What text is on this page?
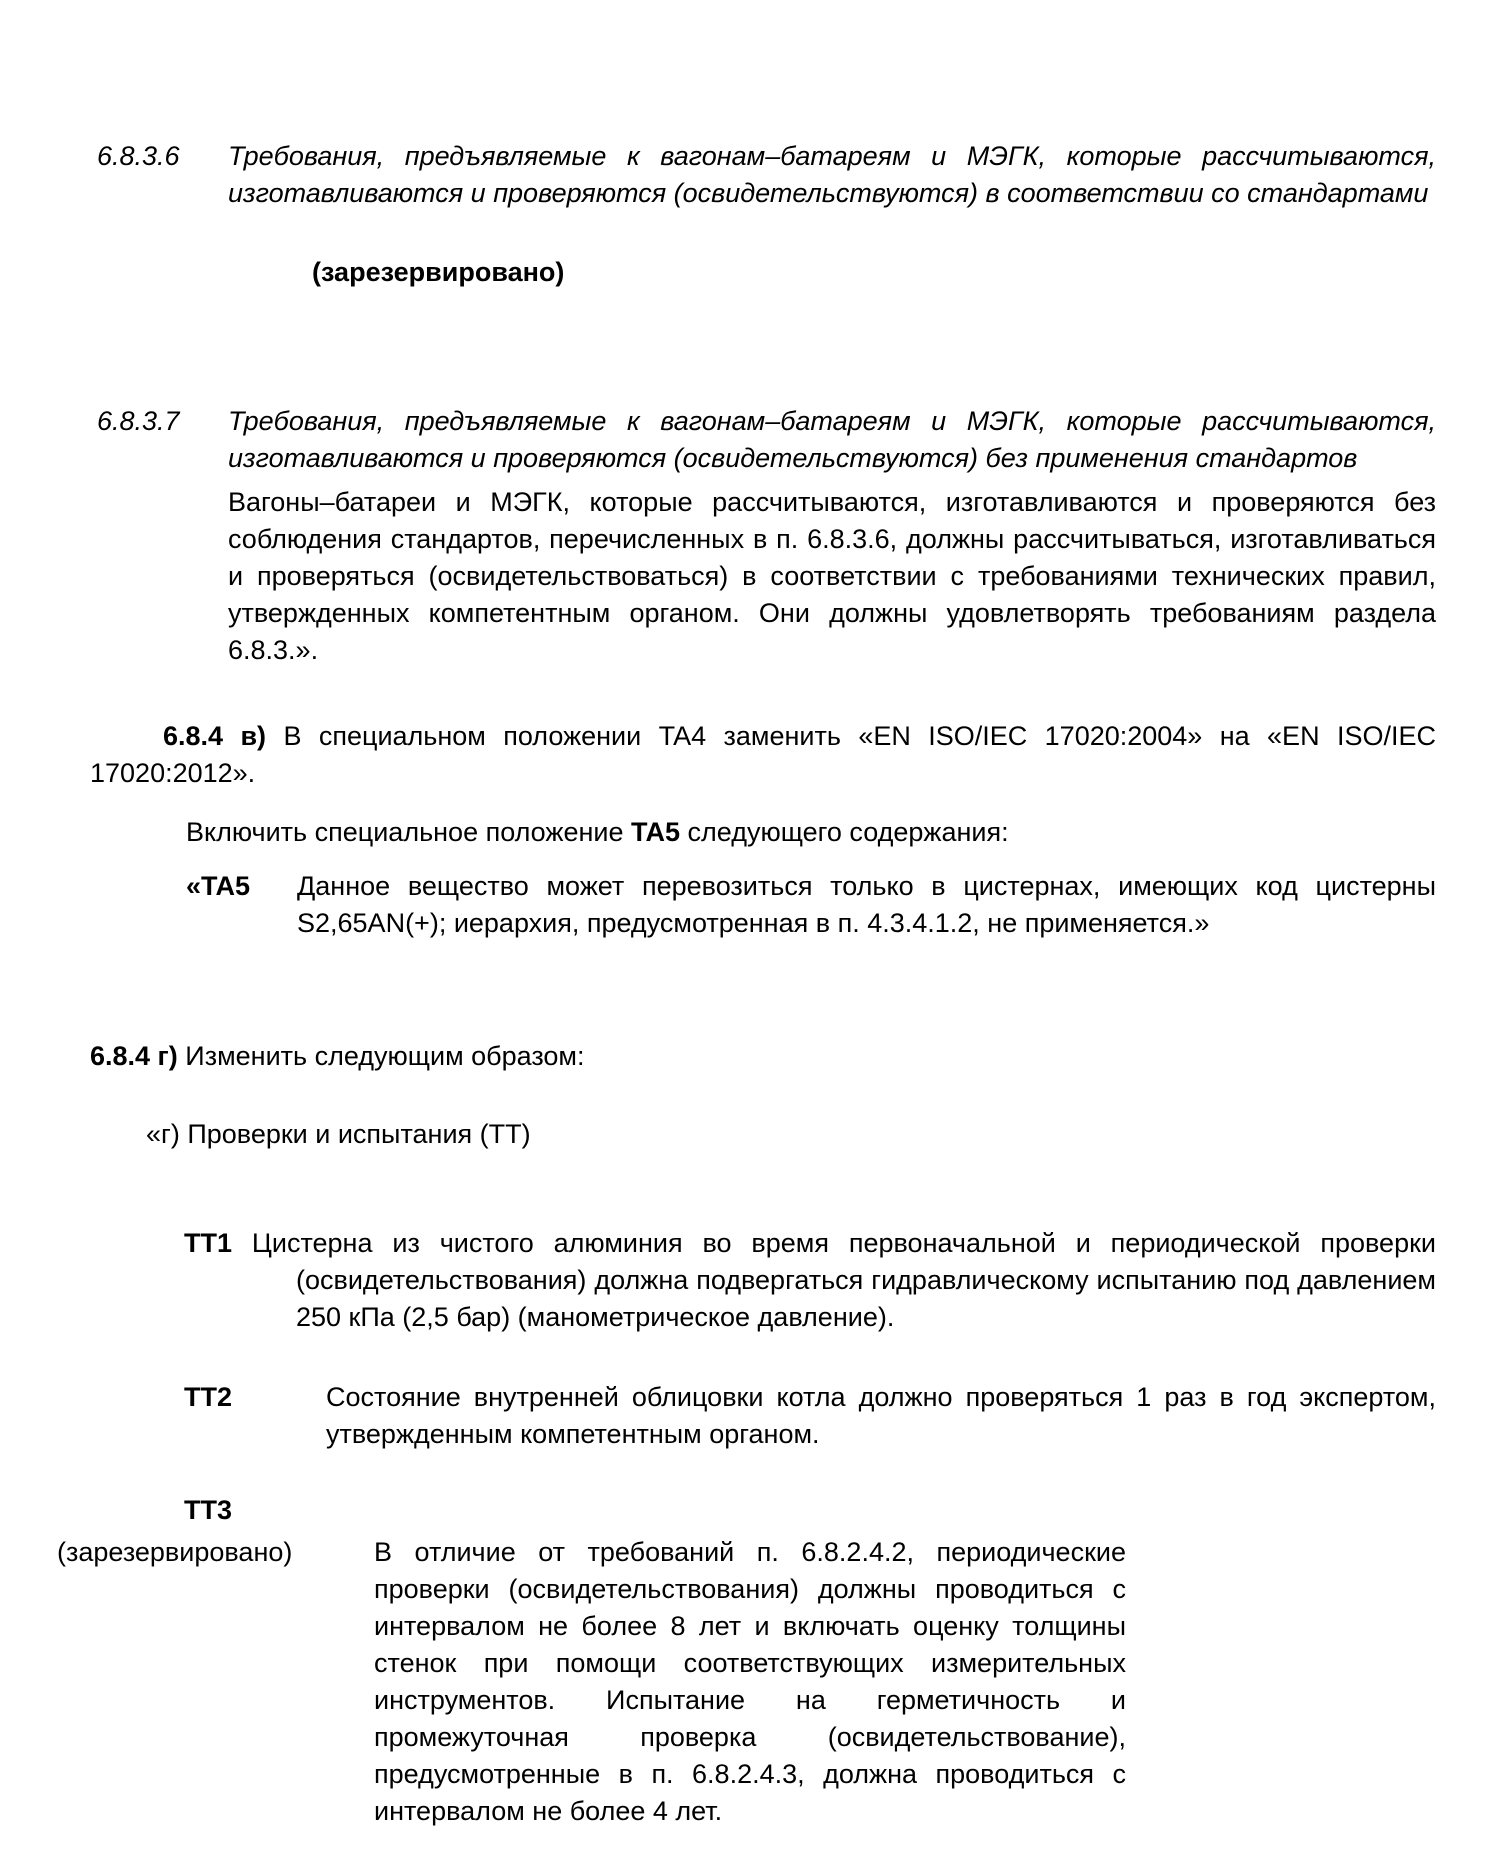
6.8.3.6 Требования, предъявляемые к вагонам–батареям и МЭГК, которые рассчитываются, изготавливаются и проверяются (освидетельствуются) в соответствии со стандартами

(зарезервировано)

6.8.3.7 Требования, предъявляемые к вагонам–батареям и МЭГК, которые рассчитываются, изготавливаются и проверяются (освидетельствуются) без применения стандартов

Вагоны–батареи и МЭГК, которые рассчитываются, изготавливаются и проверяются без соблюдения стандартов, перечисленных в п. 6.8.3.6, должны рассчитываться, изготавливаться и проверяться (освидетельствоваться) в соответствии с требованиями технических правил, утвержденных компетентным органом. Они должны удовлетворять требованиям раздела 6.8.3.».

6.8.4 в) В специальном положении TA4 заменить «EN ISO/IEC 17020:2004» на «EN ISO/IEC 17020:2012».

Включить специальное положение TA5 следующего содержания:

«TA5 Данное вещество может перевозиться только в цистернах, имеющих код цистерны S2,65AN(+); иерархия, предусмотренная в п. 4.3.4.1.2, не применяется.»

6.8.4 г) Изменить следующим образом:

«г) Проверки и испытания (TT)

TT1 Цистерна из чистого алюминия во время первоначальной и периодической проверки (освидетельствования) должна подвергаться гидравлическому испытанию под давлением 250 кПа (2,5 бар) (манометрическое давление).

TT2	Состояние внутренней облицовки котла должно проверяться 1 раз в год экспертом, утвержденным компетентным органом.

TT3
(зарезервировано)	В отличие от требований п. 6.8.2.4.2, периодические проверки (освидетельствования) должны проводиться с интервалом не более 8 лет и включать оценку толщины стенок при помощи соответствующих измерительных инструментов. Испытание на герметичность и промежуточная проверка (освидетельствование), предусмотренные в п. 6.8.2.4.3, должна проводиться с интервалом не более 4 лет.
